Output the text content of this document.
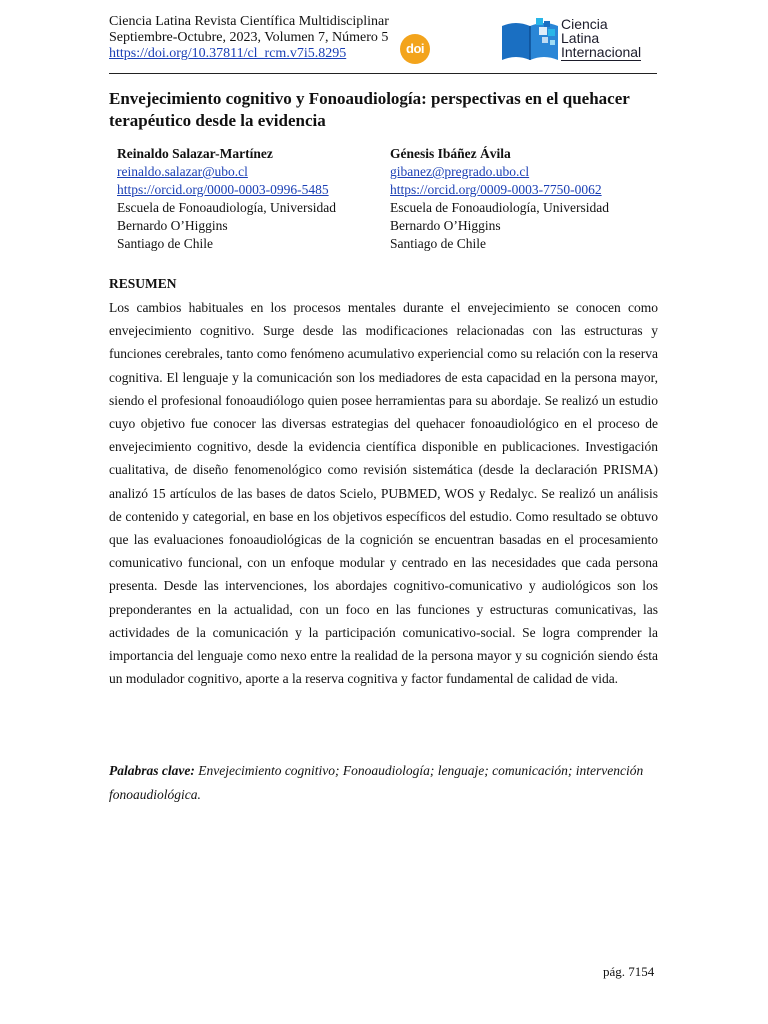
Ciencia Latina Revista Científica Multidisciplinar
Septiembre-Octubre, 2023, Volumen 7, Número 5
https://doi.org/10.37811/cl_rcm.v7i5.8295	doi
Ciencia
Latina
Internacional
Envejecimiento cognitivo y Fonoaudiología: perspectivas en el quehacer terapéutico desde la evidencia
Reinaldo Salazar-Martínez
reinaldo.salazar@ubo.cl
https://orcid.org/0000-0003-0996-5485
Escuela de Fonoaudiología, Universidad
Bernardo O’Higgins
Santiago de Chile
Génesis Ibáñez Ávila
gibanez@pregrado.ubo.cl
https://orcid.org/0009-0003-7750-0062
Escuela de Fonoaudiología, Universidad
Bernardo O’Higgins
Santiago de Chile
RESUMEN

Los cambios habituales en los procesos mentales durante el envejecimiento se conocen como envejecimiento cognitivo. Surge desde las modificaciones relacionadas con las estructuras y funciones cerebrales, tanto como fenómeno acumulativo experiencial como su relación con la reserva cognitiva. El lenguaje y la comunicación son los mediadores de esta capacidad en la persona mayor, siendo el profesional fonoaudiólogo quien posee herramientas para su abordaje. Se realizó un estudio cuyo objetivo fue conocer las diversas estrategias del quehacer fonoaudiológico en el proceso de envejecimiento cognitivo, desde la evidencia científica disponible en publicaciones. Investigación cualitativa, de diseño fenomenológico como revisión sistemática (desde la declaración PRISMA) analizó 15 artículos de las bases de datos Scielo, PUBMED, WOS y Redalyc. Se realizó un análisis de contenido y categorial, en base en los objetivos específicos del estudio. Como resultado se obtuvo que las evaluaciones fonoaudiológicas de la cognición se encuentran basadas en el procesamiento comunicativo funcional, con un enfoque modular y centrado en las necesidades que cada persona presenta. Desde las intervenciones, los abordajes cognitivo-comunicativo y audiológicos son los preponderantes en la actualidad, con un foco en las funciones y estructuras comunicativas, las actividades de la comunicación y la participación comunicativo-social. Se logra comprender la importancia del lenguaje como nexo entre la realidad de la persona mayor y su cognición siendo ésta un modulador cognitivo, aporte a la reserva cognitiva y factor fundamental de calidad de vida.

Palabras clave: Envejecimiento cognitivo; Fonoaudiología; lenguaje; comunicación; intervención fonoaudiológica.

pág. 7154
